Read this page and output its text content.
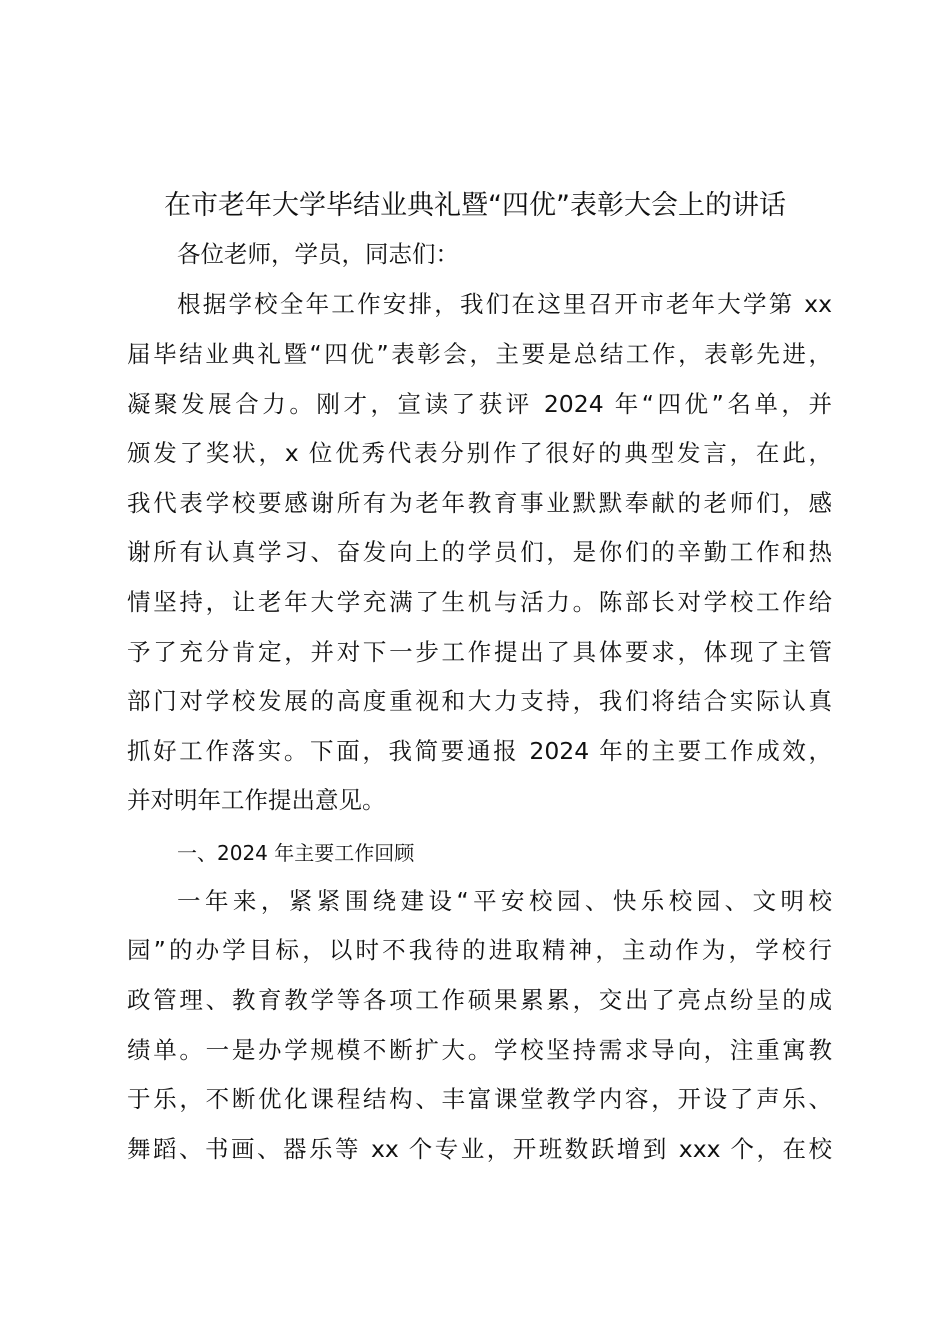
在市老年大学毕结业典礼暨“四优”表彰大会上的讲话
各位老师，学员，同志们：
根据学校全年工作安排，我们在这里召开市老年大学第 xx
届毕结业典礼暨“四优”表彰会，主要是总结工作，表彰先进，
凝聚发展合力。刚才，宣读了获评 2024 年“四优”名单，并
颁发了奖状，x 位优秀代表分别作了很好的典型发言，在此，
我代表学校要感谢所有为老年教育事业默默奉献的老师们，感
谢所有认真学习、奋发向上的学员们，是你们的辛勤工作和热
情坚持，让老年大学充满了生机与活力。陈部长对学校工作给
予了充分肯定，并对下一步工作提出了具体要求，体现了主管
部门对学校发展的高度重视和大力支持，我们将结合实际认真
抓好工作落实。下面，我简要通报 2024 年的主要工作成效，
并对明年工作提出意见。
一、2024 年主要工作回顾
一年来，紧紧围绕建设“平安校园、快乐校园、文明校
园”的办学目标，以时不我待的进取精神，主动作为，学校行
政管理、教育教学等各项工作硕果累累，交出了亮点纷呈的成
绩单。一是办学规模不断扩大。学校坚持需求导向，注重寓教
于乐，不断优化课程结构、丰富课堂教学内容，开设了声乐、
舞蹈、书画、器乐等 xx 个专业，开班数跃增到 xxx 个，在校
